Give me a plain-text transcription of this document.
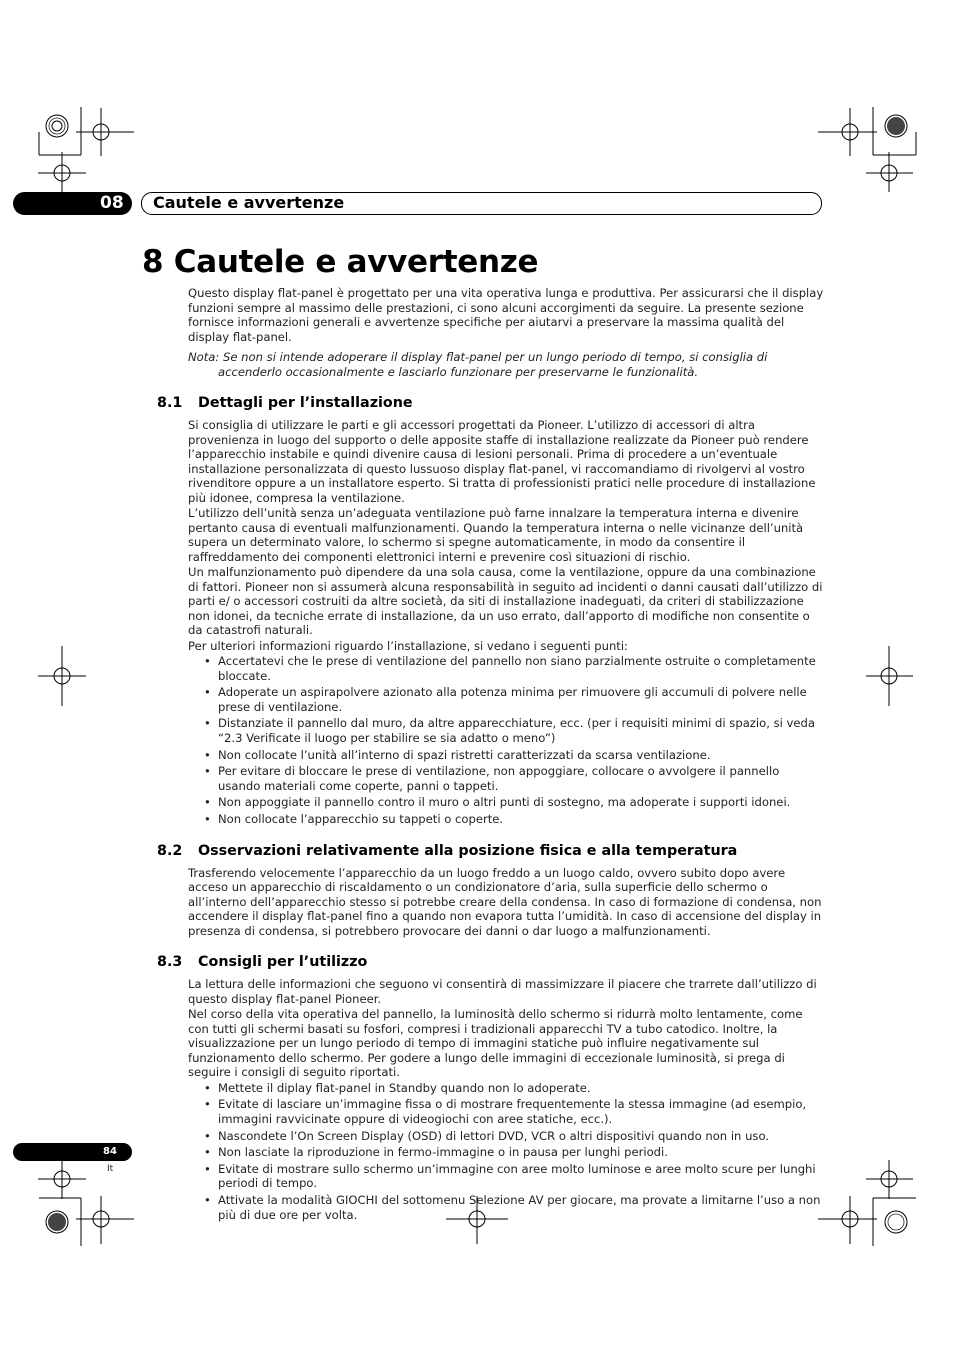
08 Cautele e avvertenze
8 Cautele e avvertenze

Questo display flat-panel è progettato per una vita operativa lunga e produttiva. Per assicurarsi che il display funzioni sempre al massimo delle prestazioni, ci sono alcuni accorgimenti da seguire. La presente sezione fornisce informazioni generali e avvertenze specifiche per aiutarvi a preservare la massima qualità del display flat-panel.

Nota: Se non si intende adoperare il display flat-panel per un lungo periodo di tempo, si consiglia di accenderlo occasionalmente e lasciarlo funzionare per preservarne le funzionalità.

8.1 Dettagli per l’installazione

Si consiglia di utilizzare le parti e gli accessori progettati da Pioneer. L’utilizzo di accessori di altra provenienza in luogo del supporto o delle apposite staffe di installazione realizzate da Pioneer può rendere l’apparecchio instabile e quindi divenire causa di lesioni personali. Prima di procedere a un’eventuale installazione personalizzata di questo lussuoso display flat-panel, vi raccomandiamo di rivolgervi al vostro rivenditore oppure a un installatore esperto. Si tratta di professionisti pratici nelle procedure di installazione più idonee, compresa la ventilazione.

L’utilizzo dell’unità senza un’adeguata ventilazione può farne innalzare la temperatura interna e divenire pertanto causa di eventuali malfunzionamenti. Quando la temperatura interna o nelle vicinanze dell’unità supera un determinato valore, lo schermo si spegne automaticamente, in modo da consentire il raffreddamento dei componenti elettronici interni e prevenire così situazioni di rischio.

Un malfunzionamento può dipendere da una sola causa, come la ventilazione, oppure da una combinazione di fattori. Pioneer non si assumerà alcuna responsabilità in seguito ad incidenti o danni causati dall’utilizzo di parti e/ o accessori costruiti da altre società, da siti di installazione inadeguati, da criteri di stabilizzazione non idonei, da tecniche errate di installazione, da un uso errato, dall’apporto di modifiche non consentite o da catastrofi naturali.

Per ulteriori informazioni riguardo l’installazione, si vedano i seguenti punti:

• Accertatevi che le prese di ventilazione del pannello non siano parzialmente ostruite o completamente bloccate.
• Adoperate un aspirapolvere azionato alla potenza minima per rimuovere gli accumuli di polvere nelle prese di ventilazione.
• Distanziate il pannello dal muro, da altre apparecchiature, ecc. (per i requisiti minimi di spazio, si veda “2.3 Verificate il luogo per stabilire se sia adatto o meno”)
• Non collocate l’unità all’interno di spazi ristretti caratterizzati da scarsa ventilazione.
• Per evitare di bloccare le prese di ventilazione, non appoggiare, collocare o avvolgere il pannello usando materiali come coperte, panni o tappeti.
• Non appoggiate il pannello contro il muro o altri punti di sostegno, ma adoperate i supporti idonei.
• Non collocate l’apparecchio su tappeti o coperte.
8.2 Osservazioni relativamente alla posizione fisica e alla temperatura

Trasferendo velocemente l’apparecchio da un luogo freddo a un luogo caldo, ovvero subito dopo avere acceso un apparecchio di riscaldamento o un condizionatore d’aria, sulla superficie dello schermo o all’interno dell’apparecchio stesso si potrebbe creare della condensa. In caso di formazione di condensa, non accendere il display flat-panel fino a quando non evapora tutta l’umidità. In caso di accensione del display in presenza di condensa, si potrebbero provocare dei danni o dar luogo a malfunzionamenti.

8.3 Consigli per l’utilizzo

La lettura delle informazioni che seguono vi consentirà di massimizzare il piacere che trarrete dall’utilizzo di questo display flat-panel Pioneer.

Nel corso della vita operativa del pannello, la luminosità dello schermo si ridurrà molto lentamente, come con tutti gli schermi basati su fosfori, compresi i tradizionali apparecchi TV a tubo catodico. Inoltre, la visualizzazione per un lungo periodo di tempo di immagini statiche può influire negativamente sul funzionamento dello schermo. Per godere a lungo delle immagini di eccezionale luminosità, si prega di seguire i consigli di seguito riportati.

• Mettete il diplay flat-panel in Standby quando non lo adoperate.
• Evitate di lasciare un’immagine fissa o di mostrare frequentemente la stessa immagine (ad esempio, immagini ravvicinate oppure di videogiochi con aree statiche, ecc.).
• Nascondete l’On Screen Display (OSD) di lettori DVD, VCR o altri dispositivi quando non in uso.
• Non lasciate la riproduzione in fermo-immagine o in pausa per lunghi periodi.
• Evitate di mostrare sullo schermo un’immagine con aree molto luminose e aree molto scure per lunghi periodi di tempo.
• Attivate la modalità GIOCHI del sottomenu Selezione AV per giocare, ma provate a limitarne l’uso a non più di due ore per volta.
84
It
